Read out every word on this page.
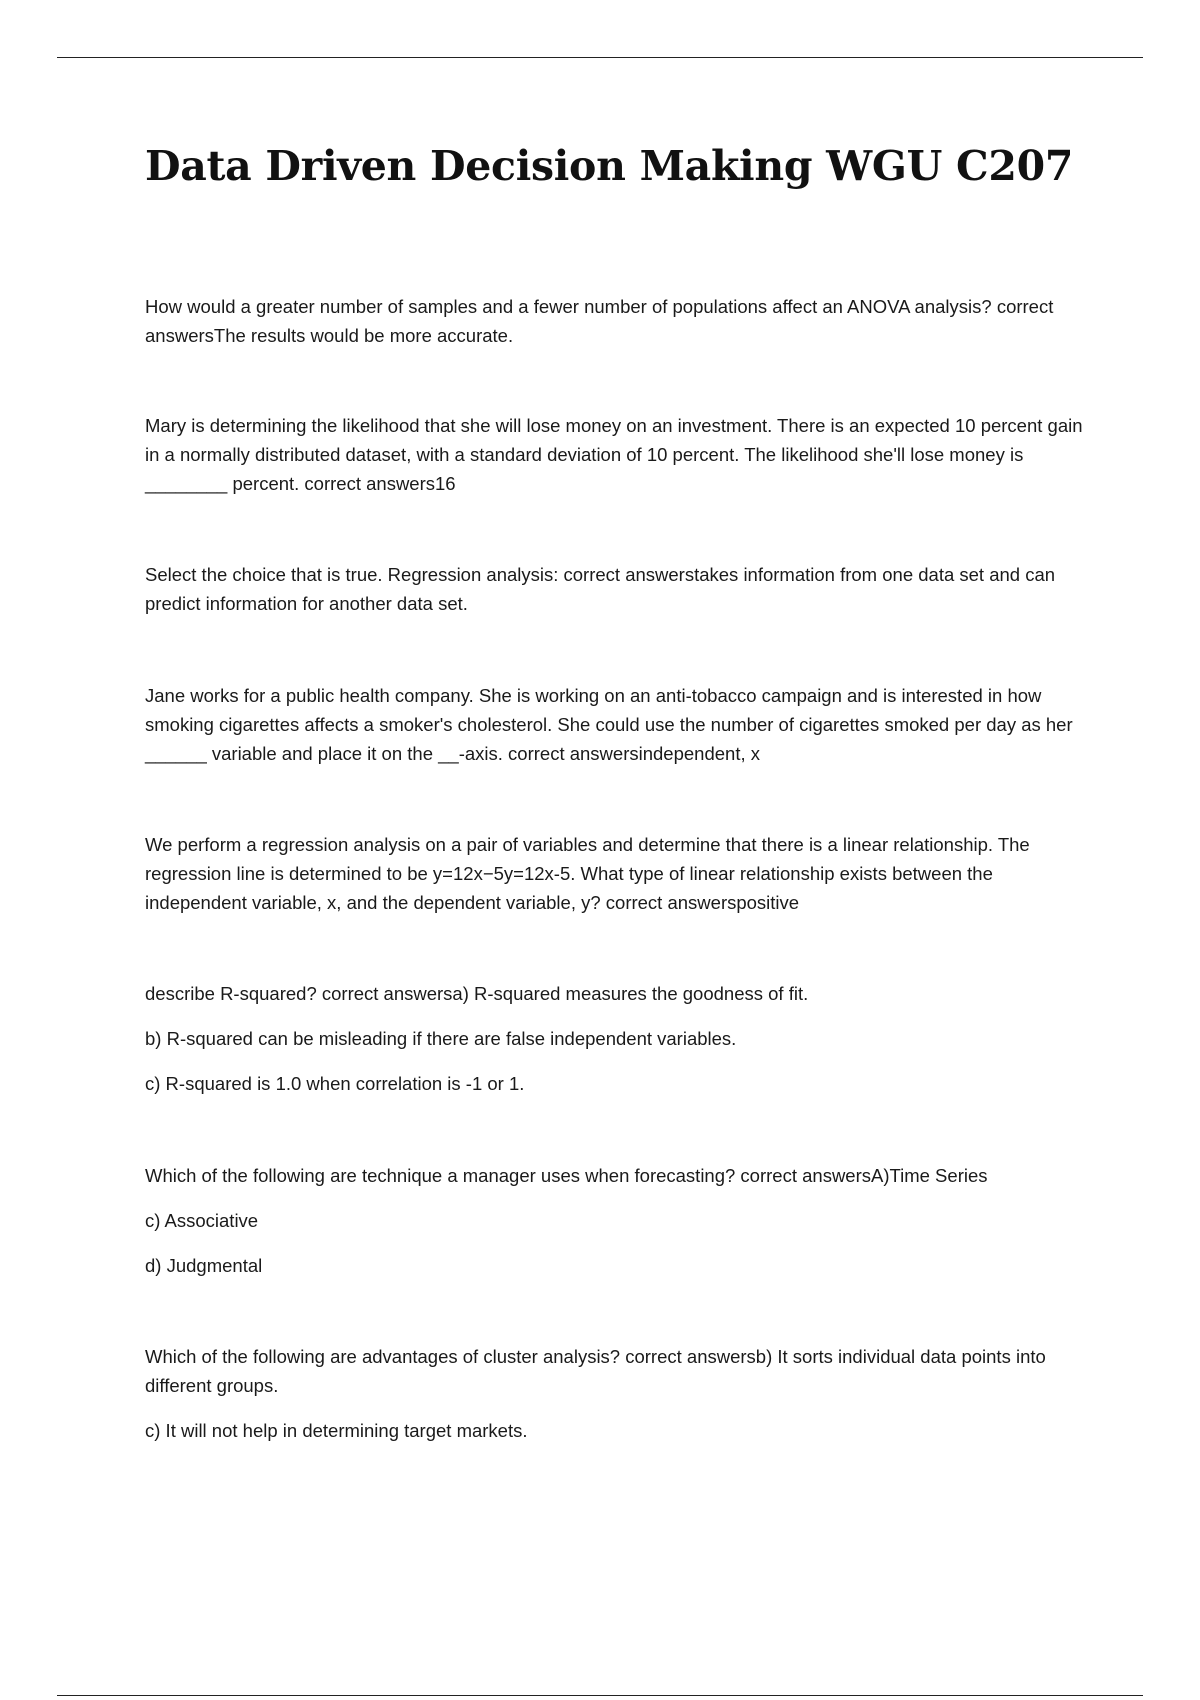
Data Driven Decision Making WGU C207

How would a greater number of samples and a fewer number of populations affect an ANOVA analysis? correct answersThe results would be more accurate.

Mary is determining the likelihood that she will lose money on an investment. There is an expected 10 percent gain in a normally distributed dataset, with a standard deviation of 10 percent. The likelihood she'll lose money is ________ percent. correct answers16

Select the choice that is true. Regression analysis: correct answerstakes information from one data set and can predict information for another data set.

Jane works for a public health company. She is working on an anti-tobacco campaign and is interested in how smoking cigarettes affects a smoker's cholesterol. She could use the number of cigarettes smoked per day as her ______ variable and place it on the __-axis. correct answersindependent, x

We perform a regression analysis on a pair of variables and determine that there is a linear relationship. The regression line is determined to be y=12x−5y=12x-5. What type of linear relationship exists between the independent variable, x, and the dependent variable, y? correct answerspositive

describe R-squared? correct answersa) R-squared measures the goodness of fit.

b) R-squared can be misleading if there are false independent variables.

c) R-squared is 1.0 when correlation is -1 or 1.

Which of the following are technique a manager uses when forecasting? correct answersA)Time Series

c) Associative

d) Judgmental

Which of the following are advantages of cluster analysis? correct answersb) It sorts individual data points into different groups.

c) It will not help in determining target markets.
